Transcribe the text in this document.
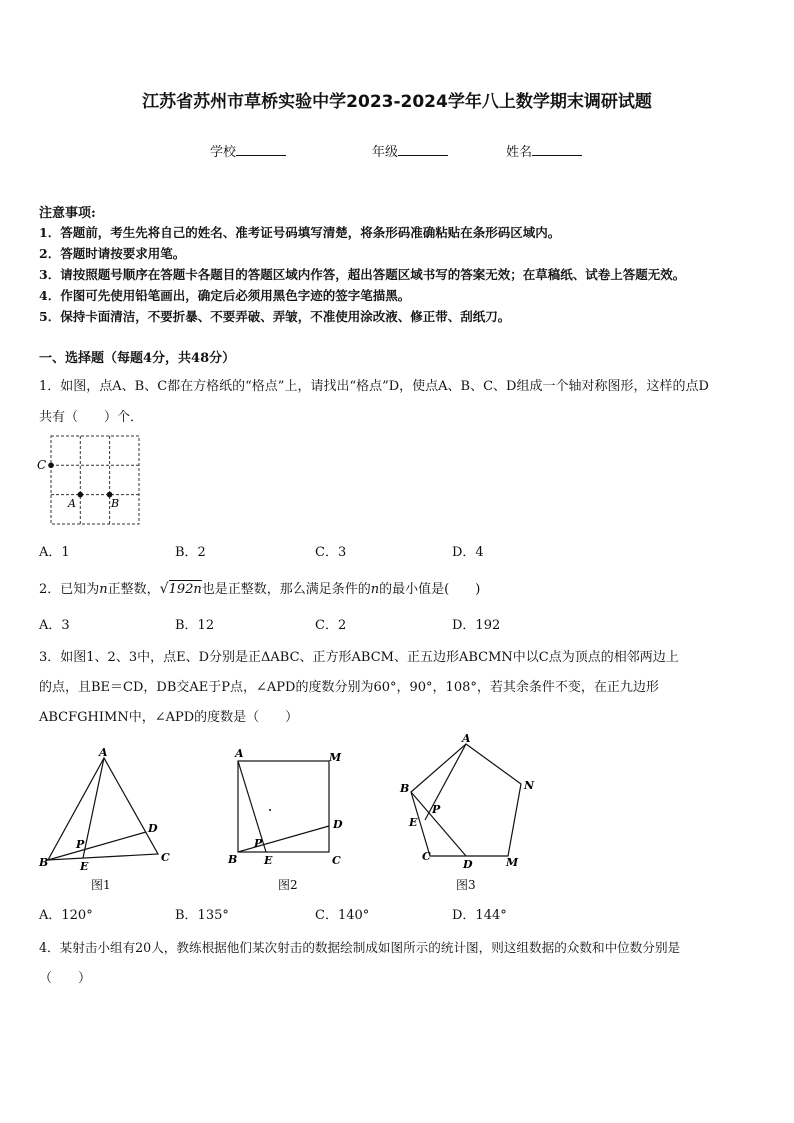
江苏省苏州市草桥实验中学2023-2024学年八上数学期末调研试题
学校	年级	姓名
注意事项:
1．答题前，考生先将自己的姓名、准考证号码填写清楚，将条形码准确粘贴在条形码区域内。
2．答题时请按要求用笔。
3．请按照题号顺序在答题卡各题目的答题区域内作答，超出答题区域书写的答案无效；在草稿纸、试卷上答题无效。
4．作图可先使用铅笔画出，确定后必须用黑色字迹的签字笔描黑。
5．保持卡面清洁，不要折暴、不要弄破、弄皱，不准使用涂改液、修正带、刮纸刀。
一、选择题（每题4分，共48分）
1．如图，点A、B、C都在方格纸的“格点”上，请找出“格点”D，使点A、B、C、D组成一个轴对称图形，这样的点D
共有（　　）个．
C
A	B
A．1	B．2	C．3	D．4
2．已知为n正整数，√192n也是正整数，那么满足条件的n的最小值是(　　)
A．3	B．12	C．2	D．192
3．如图1、2、3中，点E、D分别是正ΔABC、正方形ABCM、正五边形ABCMN中以C点为顶点的相邻两边上
的点，且BE＝CD，DB交AE于P点，∠APD的度数分别为60°，90°，108°，若其余条件不变，在正九边形
ABCFGHIMN中，∠APD的度数是（　　）
A
B	C
D
E
P
图1
A	M
B	C
D
E
P
图2
A
N
B
P
E
C
D	M
图3
A．120°	B．135°	C．140°	D．144°
4．某射击小组有20人，教练根据他们某次射击的数据绘制成如图所示的统计图，则这组数据的众数和中位数分别是
（　　）
